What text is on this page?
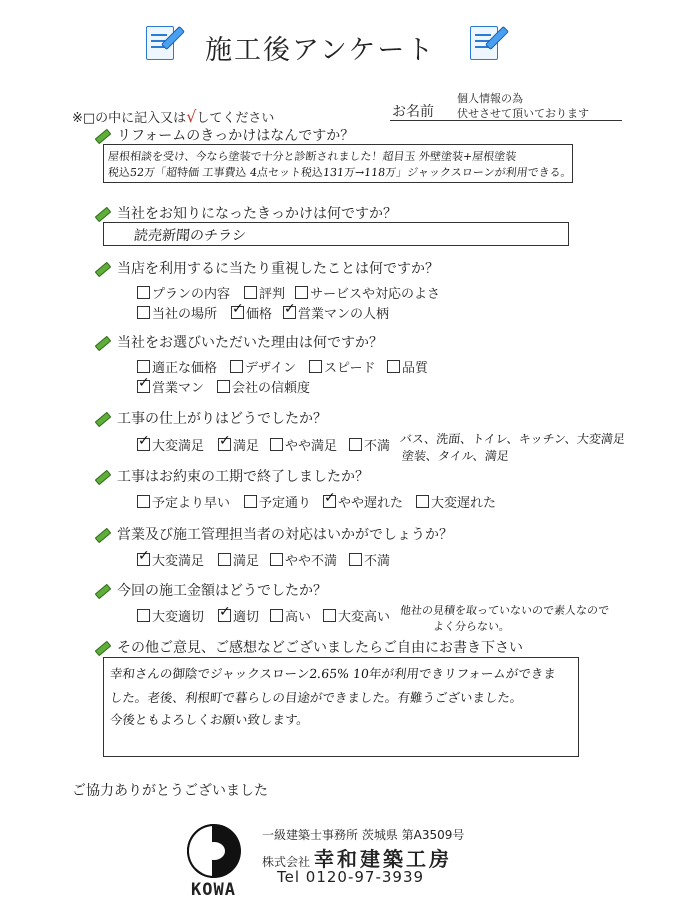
施工後アンケート
※□の中に記入又は√してください	お名前
個人情報の為
伏せさせて頂いております
リフォームのきっかけはなんですか？
屋根相談を受け、今なら塗装で十分と診断されました！超目玉 外壁塗装+屋根塗装
税込52万「超特価 工事費込 4点セット税込131万→118万」ジャックスローンが利用できる。
当社をお知りになったきっかけは何ですか？
読売新聞のチラシ
当店を利用するに当たり重視したことは何ですか？
プランの内容	評判	サービスや対応のよさ
当社の場所 ✓	価格 ✓	営業マンの人柄
当社をお選びいただいた理由は何ですか？
適正な価格	デザイン	スピード	品質
✓営業マン	会社の信頼度
工事の仕上がりはどうでしたか？
✓大変満足 ✓	満足	やや満足	不満 バス、洗面、トイレ、キッチン、大変満足
塗装、タイル、満足
工事はお約束の工期で終了しましたか？
予定より早い	予定通り ✓	やや遅れた	大変遅れた
営業及び施工管理担当者の対応はいかがでしょうか？
✓大変満足	満足	やや不満	不満
今回の施工金額はどうでしたか？
大変適切 ✓	適切	高い	大変高い 他社の見積を取っていないので素人なので
よく分らない。
その他ご意見、ご感想などございましたらご自由にお書き下さい
幸和さんの御陰でジャックスローン2.65% 10年が利用できリフォームができま
した。老後、利根町で暮らしの目途ができました。有難うございました。
今後ともよろしくお願い致します。
ご協力ありがとうございました
KOWA
一級建築士事務所 茨城県 第A3509号
株式会社 幸和建築工房
Tel 0120-97-3939
